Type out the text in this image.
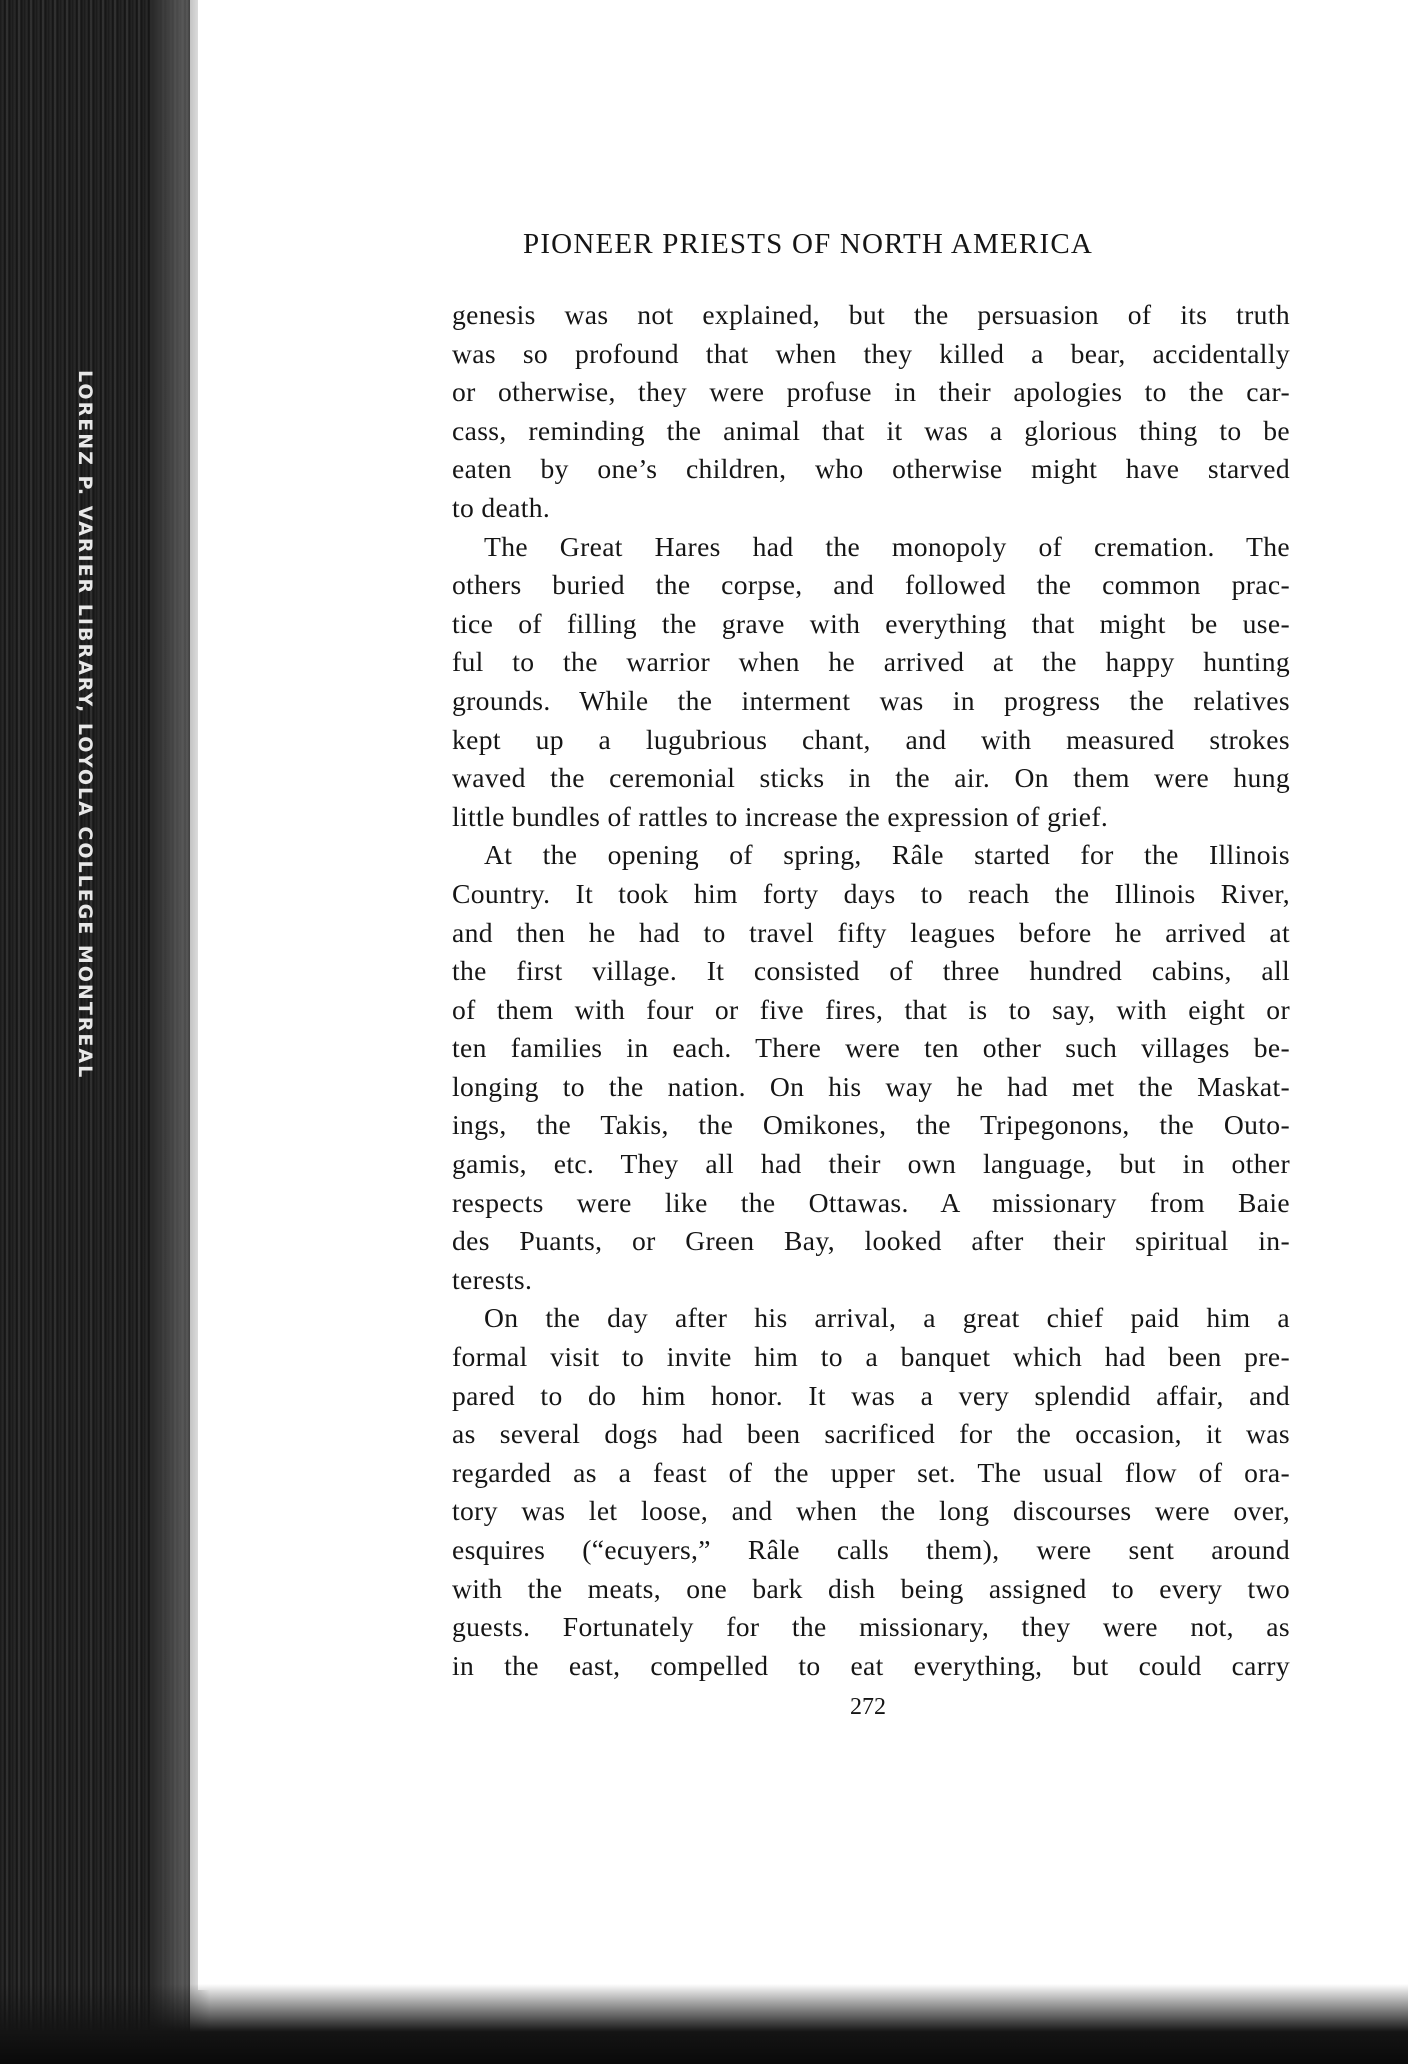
LORENZ P. VARIER LIBRARY, LOYOLA COLLEGE MONTREAL
PIONEER PRIESTS OF NORTH AMERICA
genesis was not explained, but the persuasion of its truth
was so profound that when they killed a bear, accidentally
or otherwise, they were profuse in their apologies to the car-
cass, reminding the animal that it was a glorious thing to be
eaten by one’s children, who otherwise might have starved
to death.
The Great Hares had the monopoly of cremation. The
others buried the corpse, and followed the common prac-
tice of filling the grave with everything that might be use-
ful to the warrior when he arrived at the happy hunting
grounds. While the interment was in progress the relatives
kept up a lugubrious chant, and with measured strokes
waved the ceremonial sticks in the air. On them were hung
little bundles of rattles to increase the expression of grief.
At the opening of spring, Râle started for the Illinois
Country. It took him forty days to reach the Illinois River,
and then he had to travel fifty leagues before he arrived at
the first village. It consisted of three hundred cabins, all
of them with four or five fires, that is to say, with eight or
ten families in each. There were ten other such villages be-
longing to the nation. On his way he had met the Maskat-
ings, the Takis, the Omikones, the Tripegonons, the Outo-
gamis, etc. They all had their own language, but in other
respects were like the Ottawas. A missionary from Baie
des Puants, or Green Bay, looked after their spiritual in-
terests.
On the day after his arrival, a great chief paid him a
formal visit to invite him to a banquet which had been pre-
pared to do him honor. It was a very splendid affair, and
as several dogs had been sacrificed for the occasion, it was
regarded as a feast of the upper set. The usual flow of ora-
tory was let loose, and when the long discourses were over,
esquires (“ecuyers,” Râle calls them), were sent around
with the meats, one bark dish being assigned to every two
guests. Fortunately for the missionary, they were not, as
in the east, compelled to eat everything, but could carry
272
